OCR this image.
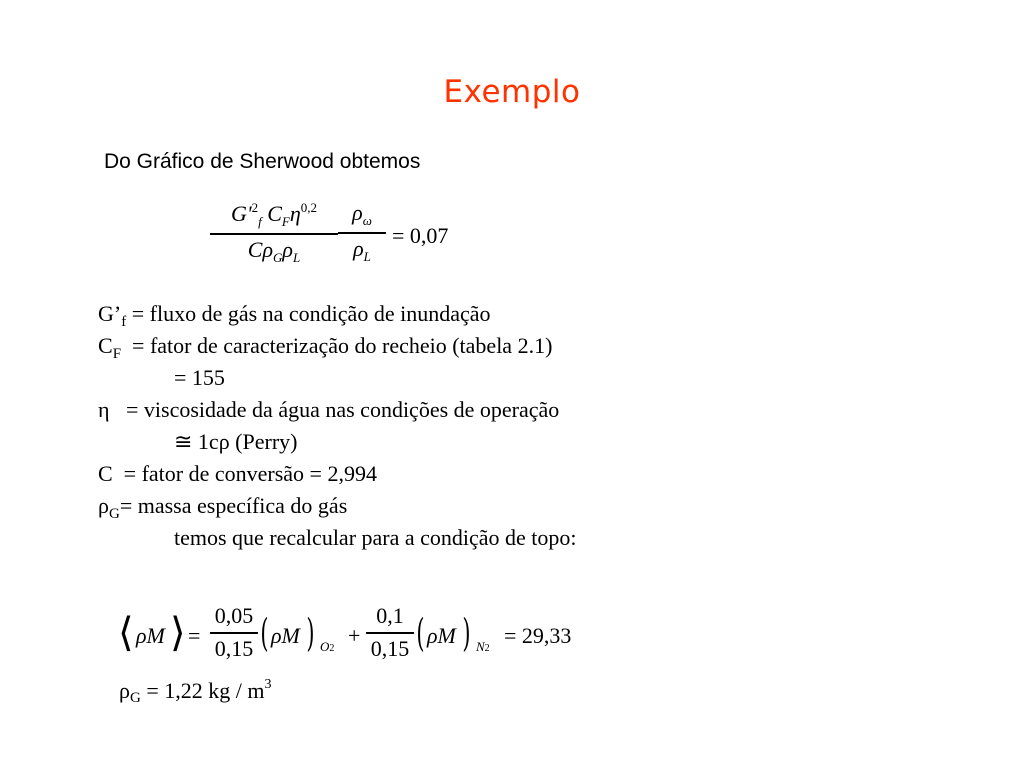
Exemplo
Do Gráfico de Sherwood obtemos
$G'^2_f$ $C_F\eta^{0,2}$
$C\rho_G\rho_L$
$\rho_\omega$
$\rho_L$
= 0,07
$G’_f$ = fluxo de gás na condição de inundação
$C_F$  = fator de caracterização do recheio (tabela 2.1)
= 155
η   = viscosidade da água nas condições de operação
≅ 1cρ (Perry)
C  = fator de conversão = 2,994
$\rho_G=$ massa específica do gás
temos que recalcular para a condição de topo:
⟨ ρM ⟩ =
0,05
0,15 ( ρM ) O2
+
0,1
0,15 ( ρM ) N2
= 29,33
ρG = 1,22 kg / $m^3$
